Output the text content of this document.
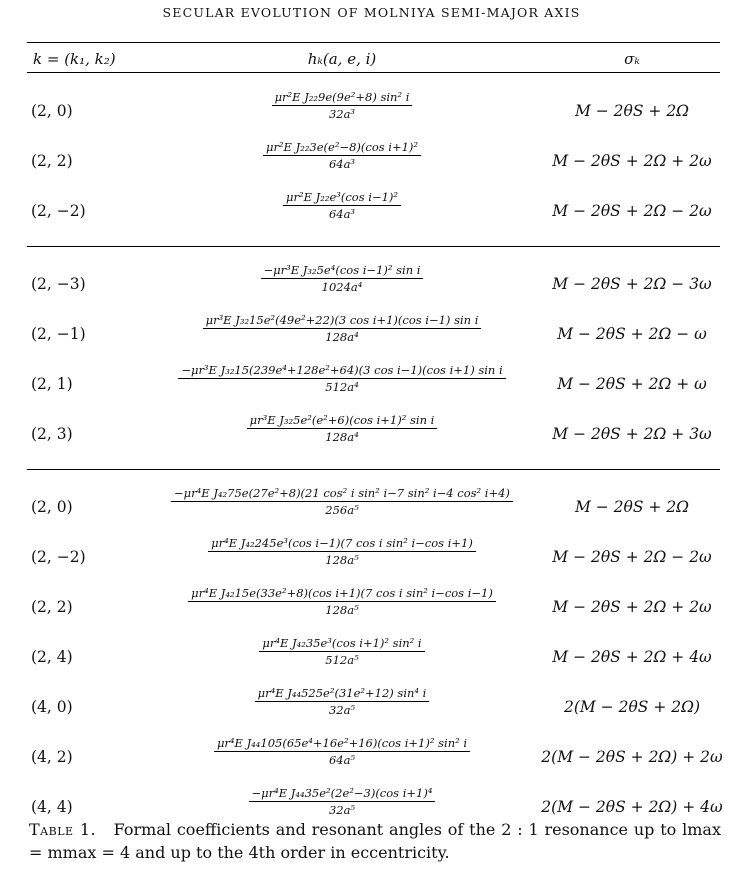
SECULAR EVOLUTION OF MOLNIYA SEMI-MAJOR AXIS
k = (k₁, k₂)	hₖ(a, e, i)	σₖ
(2, 0)	$\frac{\text{μr²E J₂₂9e(9e²+8) sin² i}}{\text{32a³}}$	M − 2θS + 2Ω
(2, 2)	$\frac{\text{μr²E J₂₂3e(e²−8)(cos i+1)²}}{\text{64a³}}$	M − 2θS + 2Ω + 2ω
(2, −2)	$\frac{\text{μr²E J₂₂e³(cos i−1)²}}{\text{64a³}}$	M − 2θS + 2Ω − 2ω
(2, −3)	$\frac{\text{−μr³E J₃₂5e⁴(cos i−1)² sin i}}{\text{1024a⁴}}$	M − 2θS + 2Ω − 3ω
(2, −1)	$\frac{\text{μr³E J₃₂15e²(49e²+22)(3 cos i+1)(cos i−1) sin i}}{\text{128a⁴}}$	M − 2θS + 2Ω − ω
(2, 1)	$\frac{\text{−μr³E J₃₂15(239e⁴+128e²+64)(3 cos i−1)(cos i+1) sin i}}{\text{512a⁴}}$	M − 2θS + 2Ω + ω
(2, 3)	$\frac{\text{μr³E J₃₂5e²(e²+6)(cos i+1)² sin i}}{\text{128a⁴}}$	M − 2θS + 2Ω + 3ω
(2, 0)	$\frac{\text{−μr⁴E J₄₂75e(27e²+8)(21 cos² i sin² i−7 sin² i−4 cos² i+4)}}{\text{256a⁵}}$	M − 2θS + 2Ω
(2, −2)	$\frac{\text{μr⁴E J₄₂245e³(cos i−1)(7 cos i sin² i−cos i+1)}}{\text{128a⁵}}$	M − 2θS + 2Ω − 2ω
(2, 2)	$\frac{\text{μr⁴E J₄₂15e(33e²+8)(cos i+1)(7 cos i sin² i−cos i−1)}}{\text{128a⁵}}$	M − 2θS + 2Ω + 2ω
(2, 4)	$\frac{\text{μr⁴E J₄₂35e³(cos i+1)² sin² i}}{\text{512a⁵}}$	M − 2θS + 2Ω + 4ω
(4, 0)	$\frac{\text{μr⁴E J₄₄525e²(31e²+12) sin⁴ i}}{\text{32a⁵}}$	2(M − 2θS + 2Ω)
(4, 2)	$\frac{\text{μr⁴E J₄₄105(65e⁴+16e²+16)(cos i+1)² sin² i}}{\text{64a⁵}}$	2(M − 2θS + 2Ω) + 2ω
(4, 4)	$\frac{\text{−μr⁴E J₄₄35e²(2e²−3)(cos i+1)⁴}}{\text{32a⁵}}$	2(M − 2θS + 2Ω) + 4ω
Table 1. Formal coefficients and resonant angles of the 2 : 1 resonance up to lmax = mmax = 4 and up to the 4th order in eccentricity.
